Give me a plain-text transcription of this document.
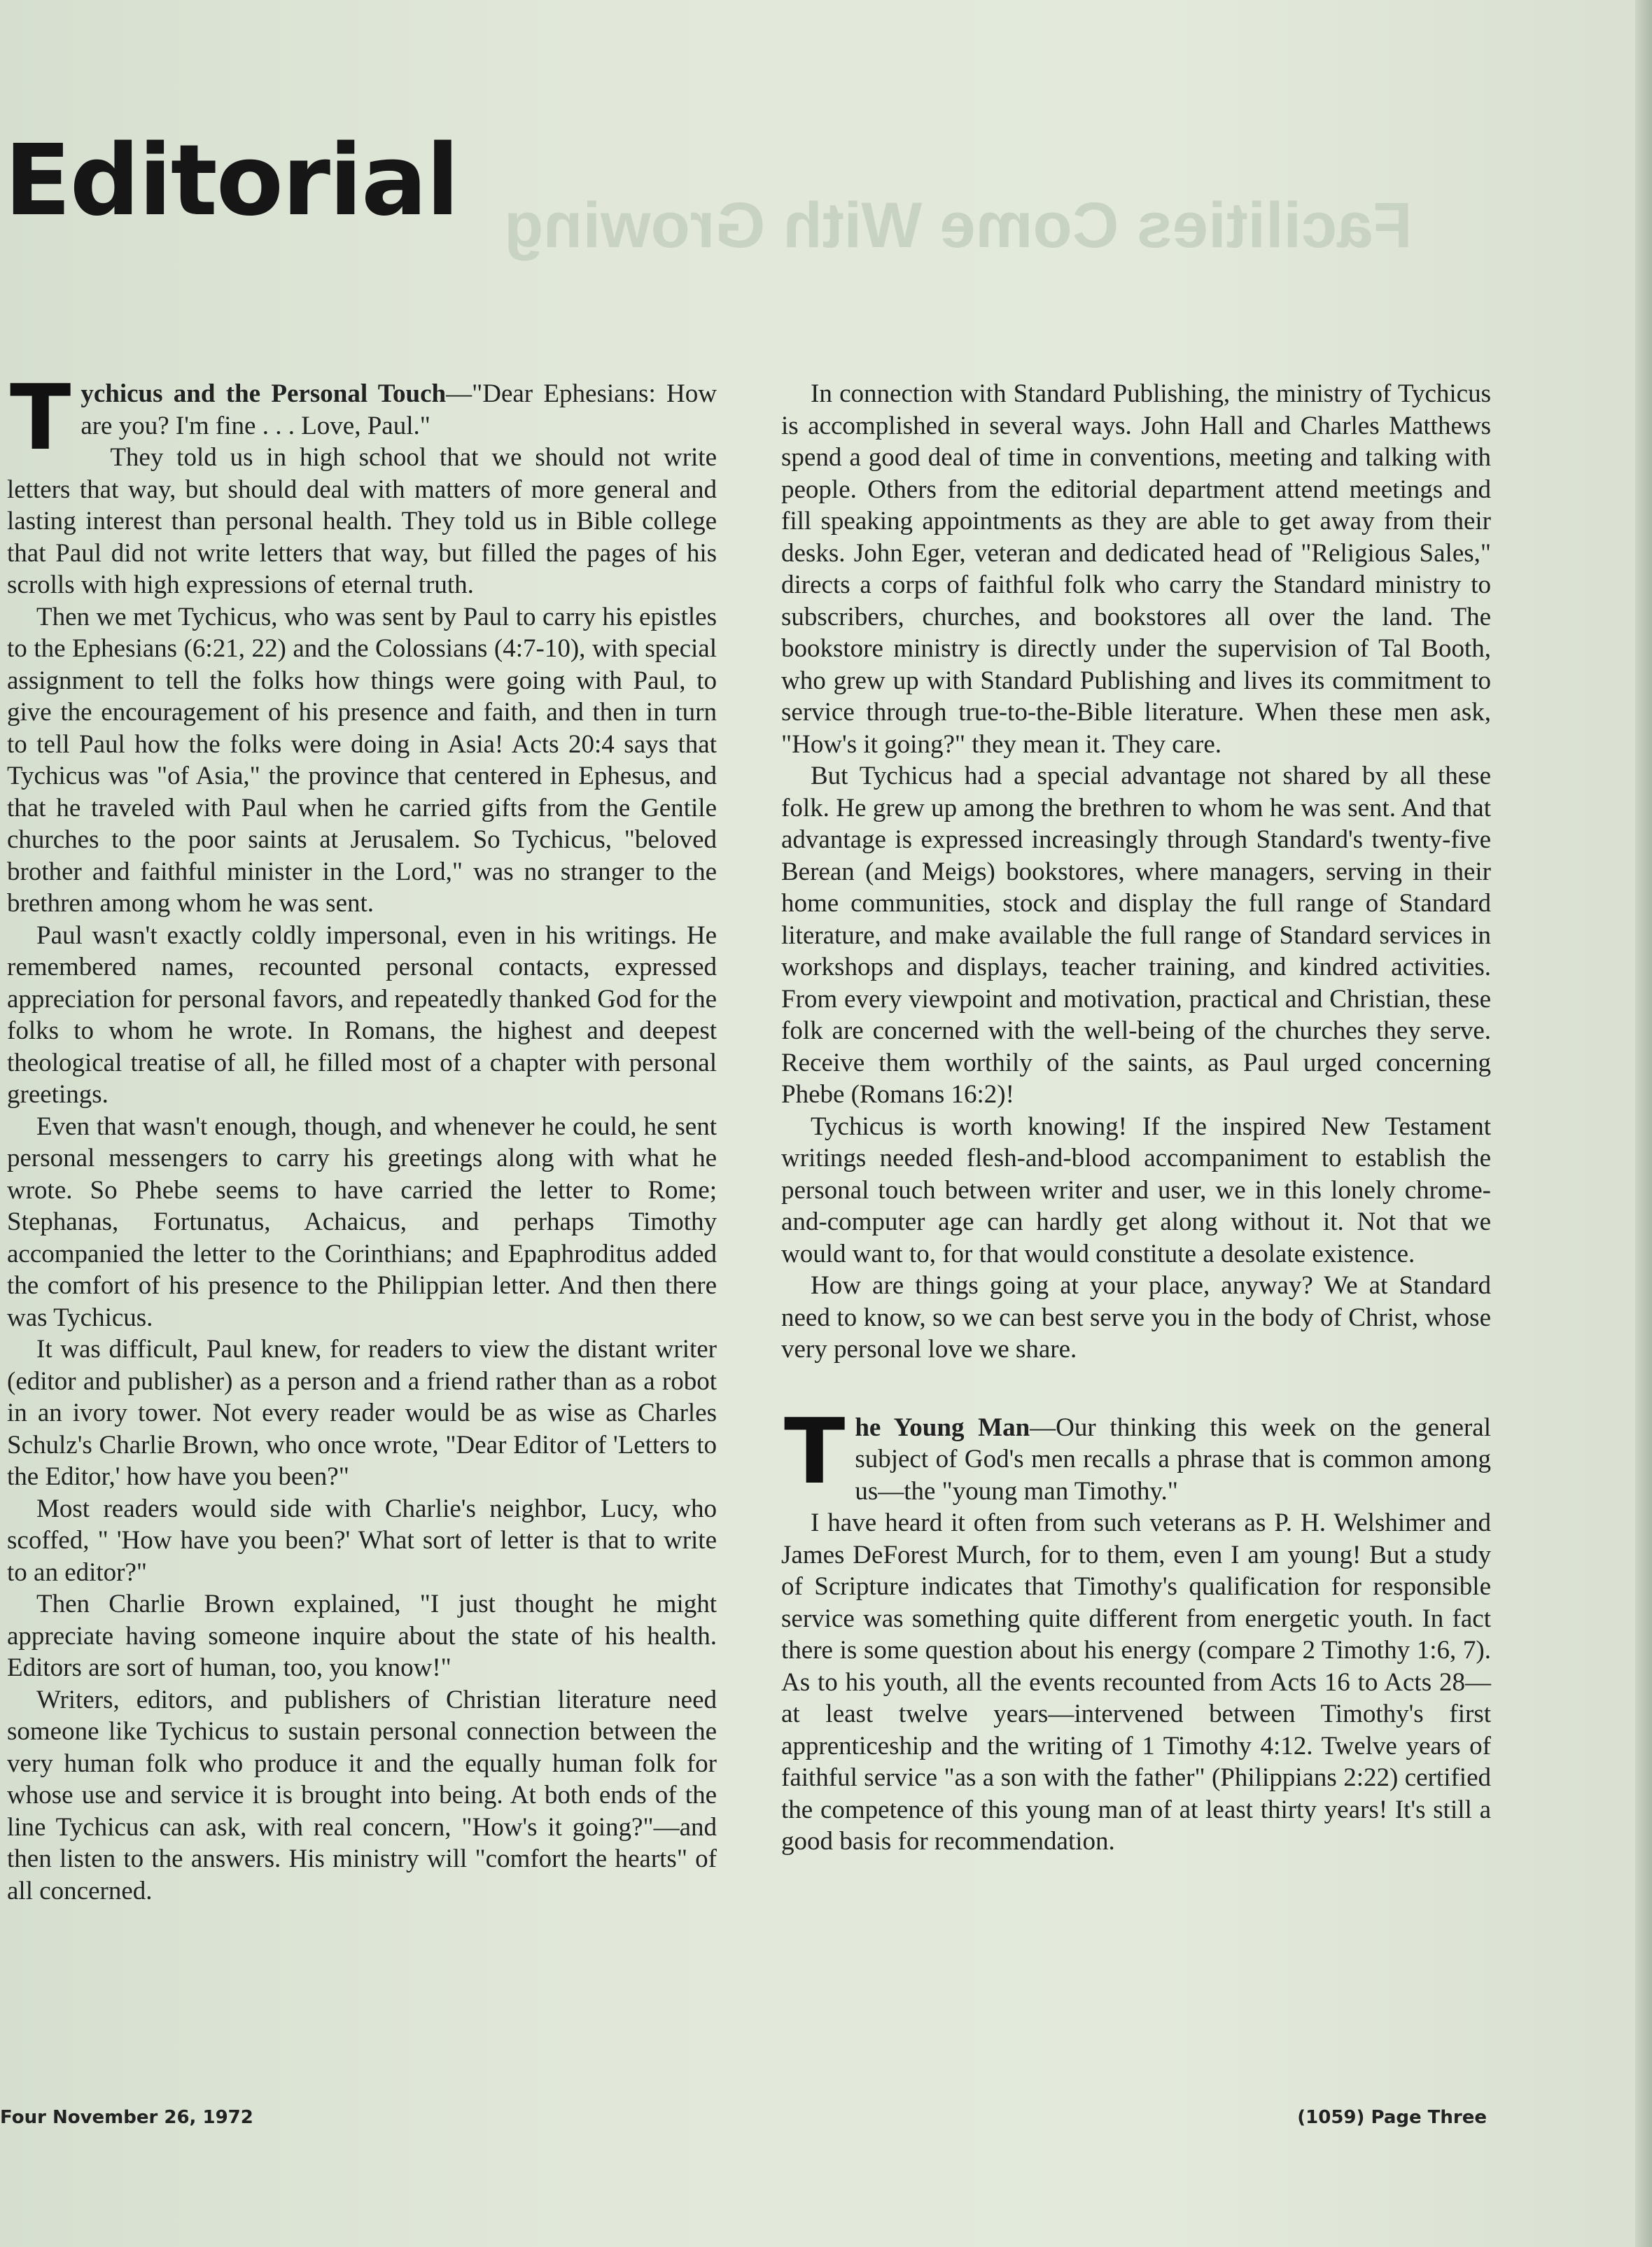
Facilities Come With Growing
Editorial

Tychicus and the Personal Touch—"Dear Ephesians: How are you? I'm fine . . . Love, Paul."

They told us in high school that we should not write letters that way, but should deal with matters of more general and lasting interest than personal health. They told us in Bible college that Paul did not write letters that way, but filled the pages of his scrolls with high expressions of eternal truth.

Then we met Tychicus, who was sent by Paul to carry his epistles to the Ephesians (6:21, 22) and the Colossians (4:7-10), with special assignment to tell the folks how things were going with Paul, to give the encouragement of his presence and faith, and then in turn to tell Paul how the folks were doing in Asia! Acts 20:4 says that Tychicus was "of Asia," the province that centered in Ephesus, and that he traveled with Paul when he carried gifts from the Gentile churches to the poor saints at Jerusalem. So Tychicus, "beloved brother and faithful minister in the Lord," was no stranger to the brethren among whom he was sent.

Paul wasn't exactly coldly impersonal, even in his writings. He remembered names, recounted personal contacts, expressed appreciation for personal favors, and repeatedly thanked God for the folks to whom he wrote. In Romans, the highest and deepest theological treatise of all, he filled most of a chapter with personal greetings.

Even that wasn't enough, though, and whenever he could, he sent personal messengers to carry his greetings along with what he wrote. So Phebe seems to have carried the letter to Rome; Stephanas, Fortunatus, Achaicus, and perhaps Timothy accompanied the letter to the Corinthians; and Epaphroditus added the comfort of his presence to the Philippian letter. And then there was Tychicus.

It was difficult, Paul knew, for readers to view the distant writer (editor and publisher) as a person and a friend rather than as a robot in an ivory tower. Not every reader would be as wise as Charles Schulz's Charlie Brown, who once wrote, "Dear Editor of 'Letters to the Editor,' how have you been?"

Most readers would side with Charlie's neighbor, Lucy, who scoffed, " 'How have you been?' What sort of letter is that to write to an editor?"

Then Charlie Brown explained, "I just thought he might appreciate having someone inquire about the state of his health. Editors are sort of human, too, you know!"

Writers, editors, and publishers of Christian literature need someone like Tychicus to sustain personal connection between the very human folk who produce it and the equally human folk for whose use and service it is brought into being. At both ends of the line Tychicus can ask, with real concern, "How's it going?"—and then listen to the answers. His ministry will "comfort the hearts" of all concerned.

In connection with Standard Publishing, the ministry of Tychicus is accomplished in several ways. John Hall and Charles Matthews spend a good deal of time in conventions, meeting and talking with people. Others from the editorial department attend meetings and fill speaking appointments as they are able to get away from their desks. John Eger, veteran and dedicated head of "Religious Sales," directs a corps of faithful folk who carry the Standard ministry to subscribers, churches, and bookstores all over the land. The bookstore ministry is directly under the supervision of Tal Booth, who grew up with Standard Publishing and lives its commitment to service through true-to-the-Bible literature. When these men ask, "How's it going?" they mean it. They care.

But Tychicus had a special advantage not shared by all these folk. He grew up among the brethren to whom he was sent. And that advantage is expressed increasingly through Standard's twenty-five Berean (and Meigs) bookstores, where managers, serving in their home communities, stock and display the full range of Standard literature, and make available the full range of Standard services in workshops and displays, teacher training, and kindred activities. From every viewpoint and motivation, practical and Christian, these folk are concerned with the well-being of the churches they serve. Receive them worthily of the saints, as Paul urged concerning Phebe (Romans 16:2)!

Tychicus is worth knowing! If the inspired New Testament writings needed flesh-and-blood accompaniment to establish the personal touch between writer and user, we in this lonely chrome-and-computer age can hardly get along without it. Not that we would want to, for that would constitute a desolate existence.

How are things going at your place, anyway? We at Standard need to know, so we can best serve you in the body of Christ, whose very personal love we share.

The Young Man—Our thinking this week on the general subject of God's men recalls a phrase that is common among us—the "young man Timothy."

I have heard it often from such veterans as P. H. Welshimer and James DeForest Murch, for to them, even I am young! But a study of Scripture indicates that Timothy's qualification for responsible service was something quite different from energetic youth. In fact there is some question about his energy (compare 2 Timothy 1:6, 7). As to his youth, all the events recounted from Acts 16 to Acts 28—at least twelve years—intervened between Timothy's first apprenticeship and the writing of 1 Timothy 4:12. Twelve years of faithful service "as a son with the father" (Philippians 2:22) certified the competence of this young man of at least thirty years! It's still a good basis for recommendation.

Four November 26, 1972	(1059) Page Three
